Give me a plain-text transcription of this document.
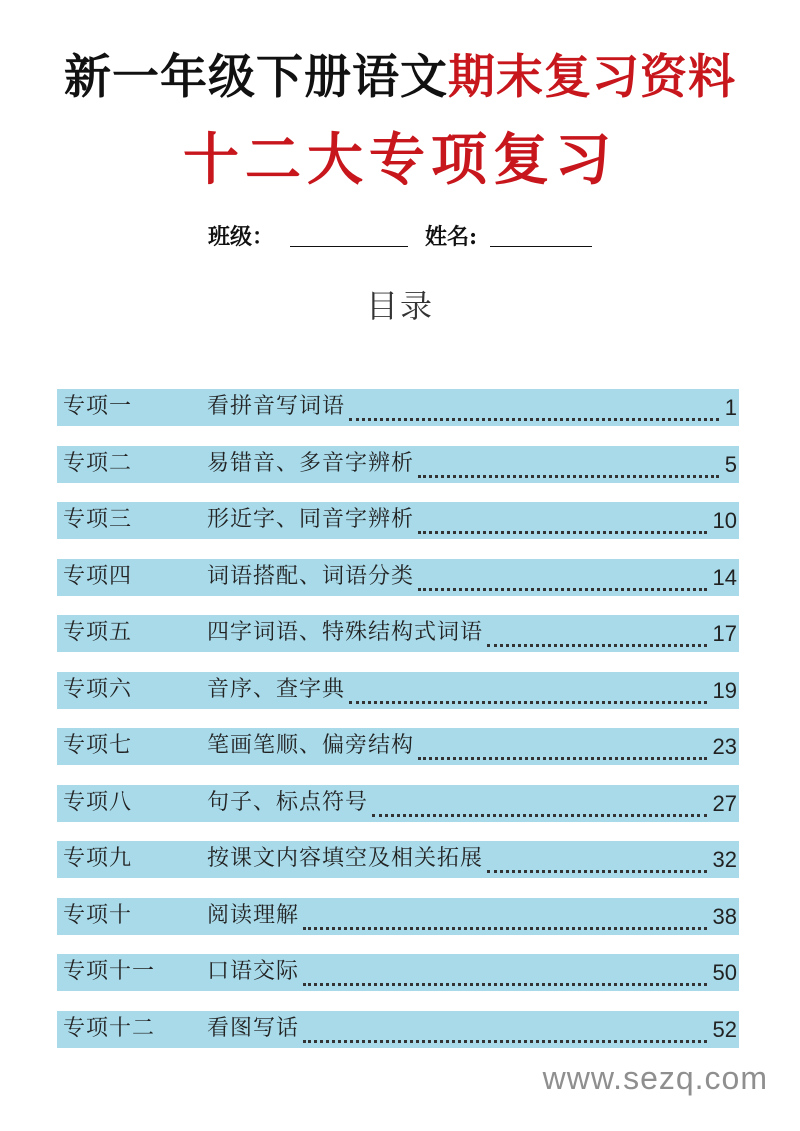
新一年级下册语文期末复习资料
十二大专项复习
班级：	姓名:
目录
专项一	看拼音写词语	1
专项二	易错音、多音字辨析	5
专项三	形近字、同音字辨析	10
专项四	词语搭配、词语分类	14
专项五	四字词语、特殊结构式词语	17
专项六	音序、查字典	19
专项七	笔画笔顺、偏旁结构	23
专项八	句子、标点符号	27
专项九	按课文内容填空及相关拓展	32
专项十	阅读理解	38
专项十一 口语交际	50
专项十二 看图写话	52
www.sezq.com
